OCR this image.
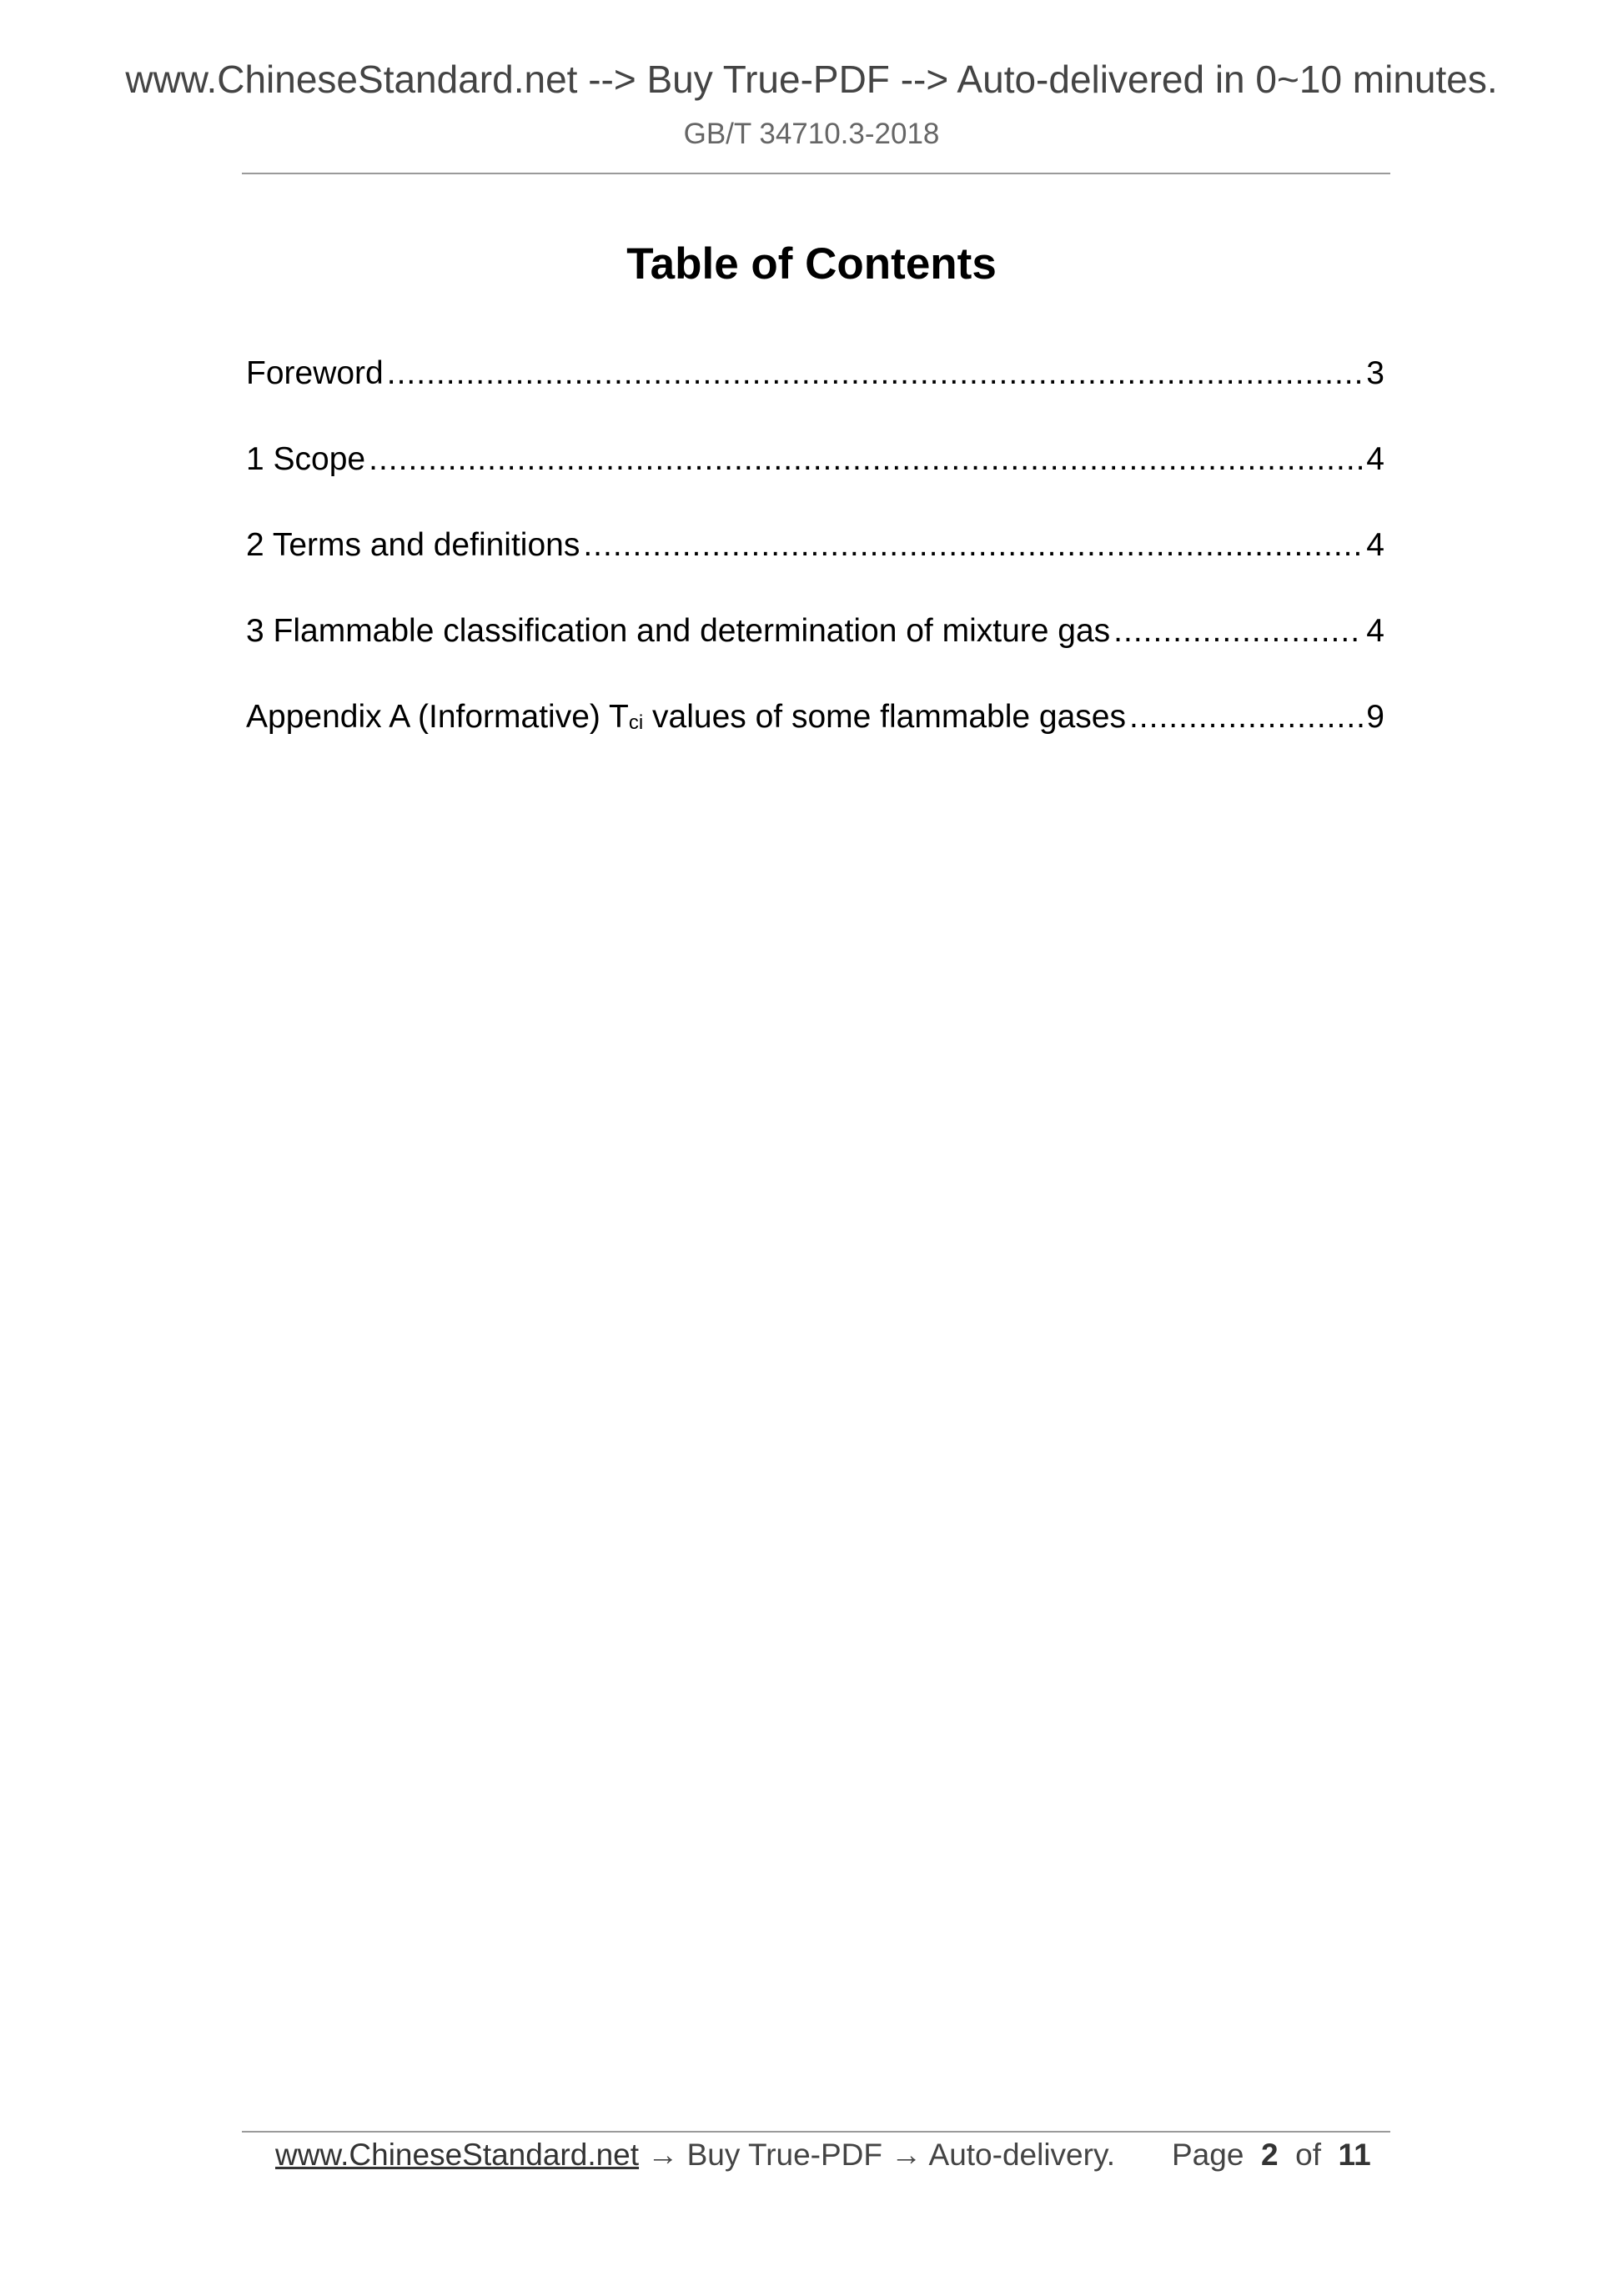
www.ChineseStandard.net --> Buy True-PDF --> Auto-delivered in 0~10 minutes.
GB/T 34710.3-2018
Table of Contents
Foreword .....	3
1 Scope .....	4
2 Terms and definitions .....	4
3 Flammable classification and determination of mixture gas .....	4
Appendix A (Informative) $T_{ci}$ values of some flammable gases .....	9
www.ChineseStandard.net → Buy True-PDF → Auto-delivery. Page 2 of 11
